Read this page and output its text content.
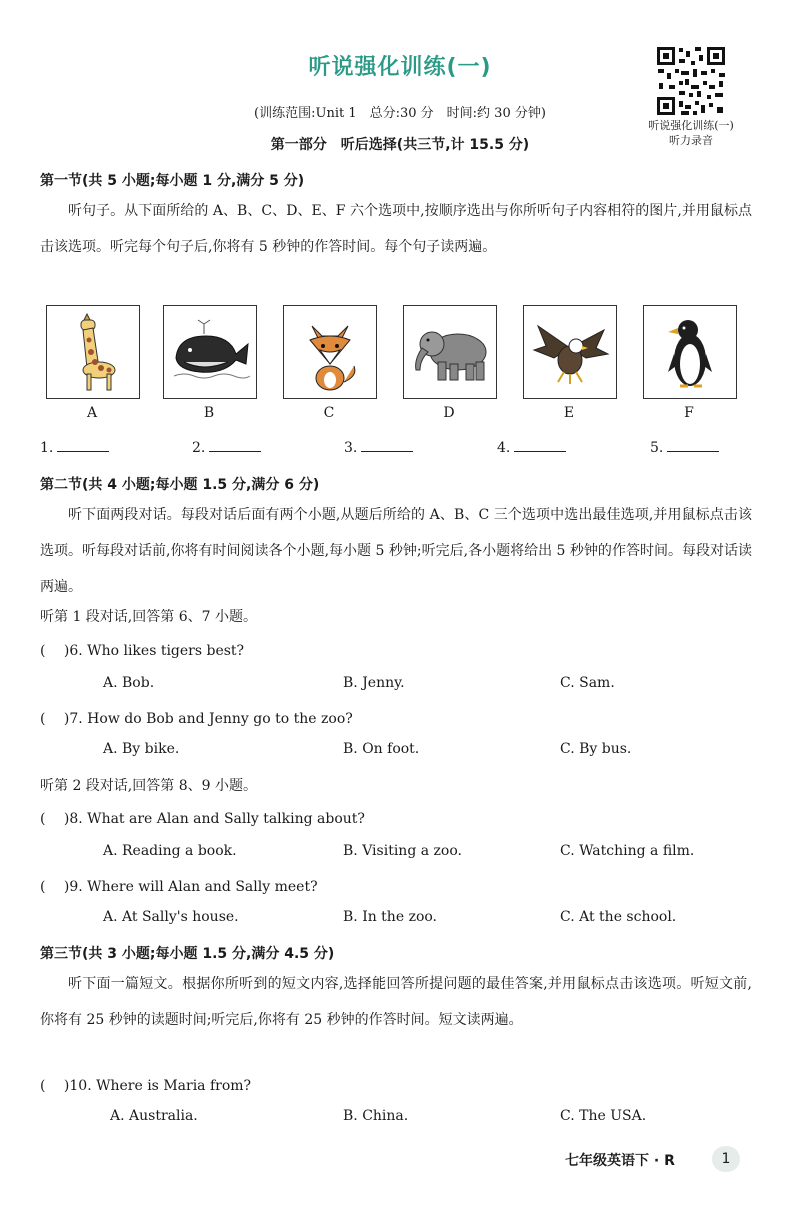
听说强化训练(一)
(训练范围:Unit 1　总分:30 分　时间:约 30 分钟)
听说强化训练(一)
听力录音
第一部分　听后选择(共三节,计 15.5 分)
第一节(共 5 小题;每小题 1 分,满分 5 分)
听句子。从下面所给的 A、B、C、D、E、F 六个选项中,按顺序选出与你所听句子内容相符的图片,并用鼠标点击该选项。听完每个句子后,你将有 5 秒钟的作答时间。每个句子读两遍。
A	B	C	D	E	F
1.	2.	3.	4.	5.
第二节(共 4 小题;每小题 1.5 分,满分 6 分)
听下面两段对话。每段对话后面有两个小题,从题后所给的 A、B、C 三个选项中选出最佳选项,并用鼠标点击该选项。听每段对话前,你将有时间阅读各个小题,每小题 5 秒钟;听完后,各小题将给出 5 秒钟的作答时间。每段对话读两遍。
听第 1 段对话,回答第 6、7 小题。
(　 )6. Who likes tigers best?
A. Bob.	B. Jenny.	C. Sam.
(　 )7. How do Bob and Jenny go to the zoo?
A. By bike.	B. On foot.	C. By bus.
听第 2 段对话,回答第 8、9 小题。
(　 )8. What are Alan and Sally talking about?
A. Reading a book.	B. Visiting a zoo.	C. Watching a film.
(　 )9. Where will Alan and Sally meet?
A. At Sally's house.	B. In the zoo.	C. At the school.
第三节(共 3 小题;每小题 1.5 分,满分 4.5 分)
听下面一篇短文。根据你所听到的短文内容,选择能回答所提问题的最佳答案,并用鼠标点击该选项。听短文前,你将有 25 秒钟的读题时间;听完后,你将有 25 秒钟的作答时间。短文读两遍。
(　 )10. Where is Maria from?
A. Australia.	B. China.	C. The USA.
七年级英语下 · R	1
